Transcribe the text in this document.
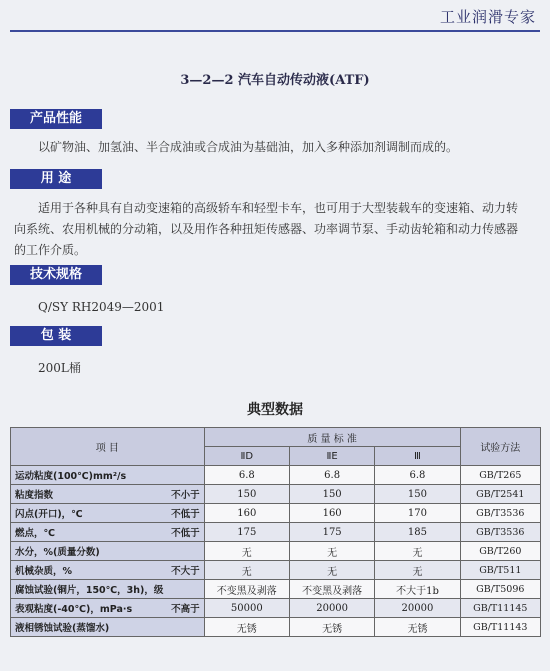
工业润滑专家
3—2—2 汽车自动传动液(ATF)
产品性能
以矿物油、加氢油、半合成油或合成油为基础油，加入多种添加剂调制而成的。
用 途
适用于各种具有自动变速箱的高级轿车和轻型卡车，也可用于大型装载车的变速箱、动力转向系统、农用机械的分动箱，以及用作各种扭矩传感器、功率调节泵、手动齿轮箱和动力传感器的工作介质。
技术规格
Q/SY RH2049—2001
包 装
200L桶
典型数据
项 目	质 量 标 准			试验方法
	ⅡD	ⅡE	Ⅲ	

运动粘度(100℃)mm²/s	6.8	6.8	6.8	GB/T265

粘度指数 不小于	150	150	150	GB/T2541

闪点(开口)，℃ 不低于	160	160	170	GB/T3536

燃点，℃ 不低于	175	175	185	GB/T3536

水分，%(质量分数)	无	无	无	GB/T260

机械杂质，% 不大于	无	无	无	GB/T511

腐蚀试验(铜片，150℃，3h)，级	不变黑及剥落	不变黑及剥落	不大于1b	GB/T5096

表观粘度(-40℃)，mPa·s 不高于	50000	20000	20000	GB/T11145

液相锈蚀试验(蒸馏水)	无锈	无锈	无锈	GB/T11143
